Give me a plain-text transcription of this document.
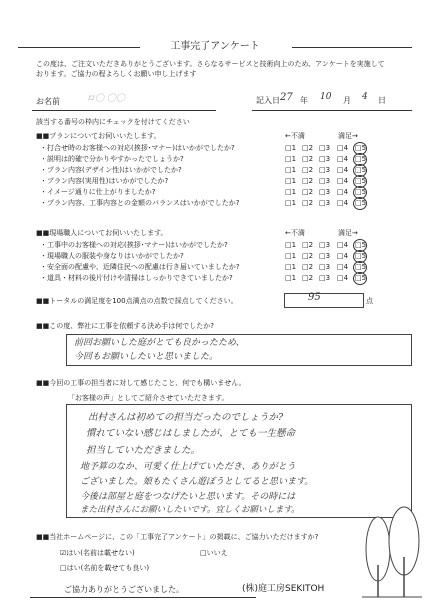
工事完了アンケート
この度は、ご注文いただきありがとうございます。さらなるサービスと技術向上のため、アンケートを実施して
おります。ご協力の程よろしくお願い申し上げます
お名前	ロ〇 〇〇	記入日 27 年 10 月 4 日
該当する番号の枠内にチェックを付けてください
■■プランについてお伺いいたします。	←不満	満足→
・打合せ時のお客様への対応(挨拶･マナー)はいかがでしたか?	□1 □2 □3 □4 □5
・説明は的確で分かりやすかったでしょうか?	□1 □2 □3 □4 □5
・プラン内容(デザイン性)はいかがでしたか?	□1 □2 □3 □4 □5
・プラン内容(実用性)はいかがでしたか?	□1 □2 □3 □4 □5
・イメージ通りに仕上がりましたか?	□1 □2 □3 □4 □5
・プラン内容、工事内容との金額のバランスはいかがでしたか?	□1 □2 □3 □4 □5
■■現場職人についてお伺いいたします。	←不満	満足→
・工事中のお客様への対応(挨拶･マナー)はいかがでしたか?	□1 □2 □3 □4 □5
・現場職人の服装や身なりはいかがでしたか?	□1 □2 □3 □4 □5
・安全面の配慮や、近隣住民への配慮は行き届いていましたか?	□1 □2 □3 □4 □5
・道具・材料の後片付けや清掃はしっかりできていましたか?	□1 □2 □3 □4 □5
■■トータルの満足度を100点満点の点数で採点してください。	95	点
■■この度、弊社に工事を依頼する決め手は何でしたか?
前回お願いした庭がとても良かったため、
今回もお願いしたいと思いました。
■■今回の工事の担当者に対して感じたこと、何でも構いません。
「お客様の声」としてご紹介させていただきます。
出村さんは初めての担当だったのでしょうか?
慣れていない感じはしましたが、とても一生懸命
担当していただきました。
地予算のなか、可愛く仕上げていただき、ありがとう
ございました。娘もたくさん遊ぼうとしてると思います。
今後は部屋と庭をつなげたいと思います。その時には
また出村さんにお願いしたいです。宜しくお願いします。
■■当社ホームページに、この「工事完了アンケート」の掲載に、ご協力いただけますか?
☑はい(名前は載せない)	□いいえ
□はい(名前を載せても良い)
ご協力ありがとうございました。	(株)庭工房SEKITOH
